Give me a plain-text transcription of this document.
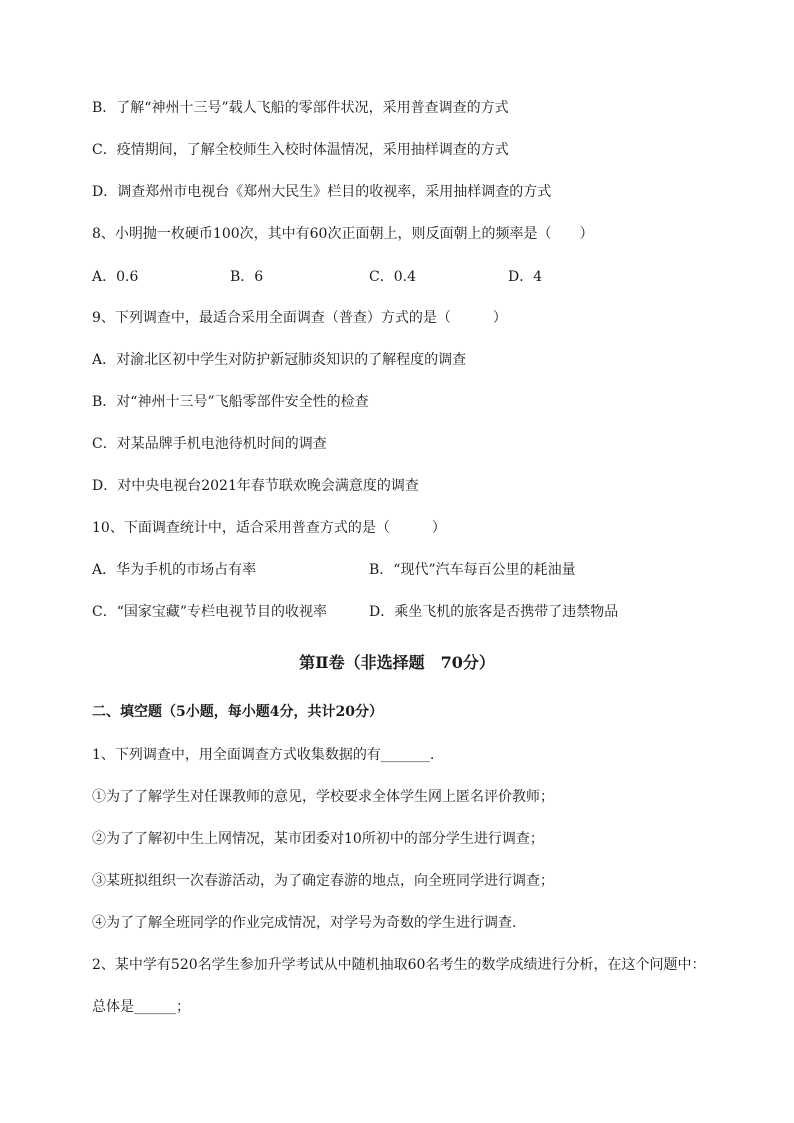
B．了解“神州十三号”载人飞船的零部件状况，采用普查调查的方式
C．疫情期间，了解全校师生入校时体温情况，采用抽样调查的方式
D．调查郑州市电视台《郑州大民生》栏目的收视率，采用抽样调查的方式
8、小明抛一枚硬币100次，其中有60次正面朝上，则反面朝上的频率是（　　）
A．0.6	B．6	C．0.4	D．4
9、下列调查中，最适合采用全面调查（普查）方式的是（　　　）
A．对渝北区初中学生对防护新冠肺炎知识的了解程度的调查
B．对“神州十三号”飞船零部件安全性的检查
C．对某品牌手机电池待机时间的调查
D．对中央电视台2021年春节联欢晚会满意度的调查
10、下面调查统计中，适合采用普查方式的是（　　　）
A．华为手机的市场占有率	B．“现代”汽车每百公里的耗油量
C．“国家宝藏”专栏电视节目的收视率	D．乘坐飞机的旅客是否携带了违禁物品
第Ⅱ卷（非选择题　70分）
二、填空题（5小题，每小题4分，共计20分）
1、下列调查中，用全面调查方式收集数据的有_______.
①为了了解学生对任课教师的意见，学校要求全体学生网上匿名评价教师；
②为了了解初中生上网情况，某市团委对10所初中的部分学生进行调查；
③某班拟组织一次春游活动，为了确定春游的地点，向全班同学进行调查；
④为了了解全班同学的作业完成情况，对学号为奇数的学生进行调查．
2、某中学有520名学生参加升学考试从中随机抽取60名考生的数学成绩进行分析，在这个问题中：
总体是______；
